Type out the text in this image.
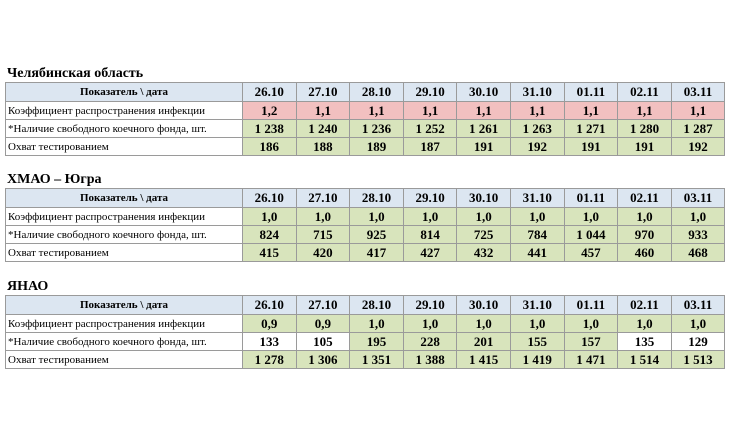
Челябинская область
Показатель \ дата	26.10	27.10	28.10	29.10	30.10	31.10	01.11	02.11	03.11
Коэффициент распространения инфекции	1,2	1,1	1,1	1,1	1,1	1,1	1,1	1,1	1,1
*Наличие свободного коечного фонда, шт.	1 238	1 240	1 236	1 252	1 261	1 263	1 271	1 280	1 287
Охват тестированием	186	188	189	187	191	192	191	191	192
ХМАО – Югра
Показатель \ дата	26.10	27.10	28.10	29.10	30.10	31.10	01.11	02.11	03.11
Коэффициент распространения инфекции	1,0	1,0	1,0	1,0	1,0	1,0	1,0	1,0	1,0
*Наличие свободного коечного фонда, шт.	824	715	925	814	725	784	1 044	970	933
Охват тестированием	415	420	417	427	432	441	457	460	468
ЯНАО
Показатель \ дата	26.10	27.10	28.10	29.10	30.10	31.10	01.11	02.11	03.11
Коэффициент распространения инфекции	0,9	0,9	1,0	1,0	1,0	1,0	1,0	1,0	1,0
*Наличие свободного коечного фонда, шт.	133	105	195	228	201	155	157	135	129
Охват тестированием	1 278	1 306	1 351	1 388	1 415	1 419	1 471	1 514	1 513
